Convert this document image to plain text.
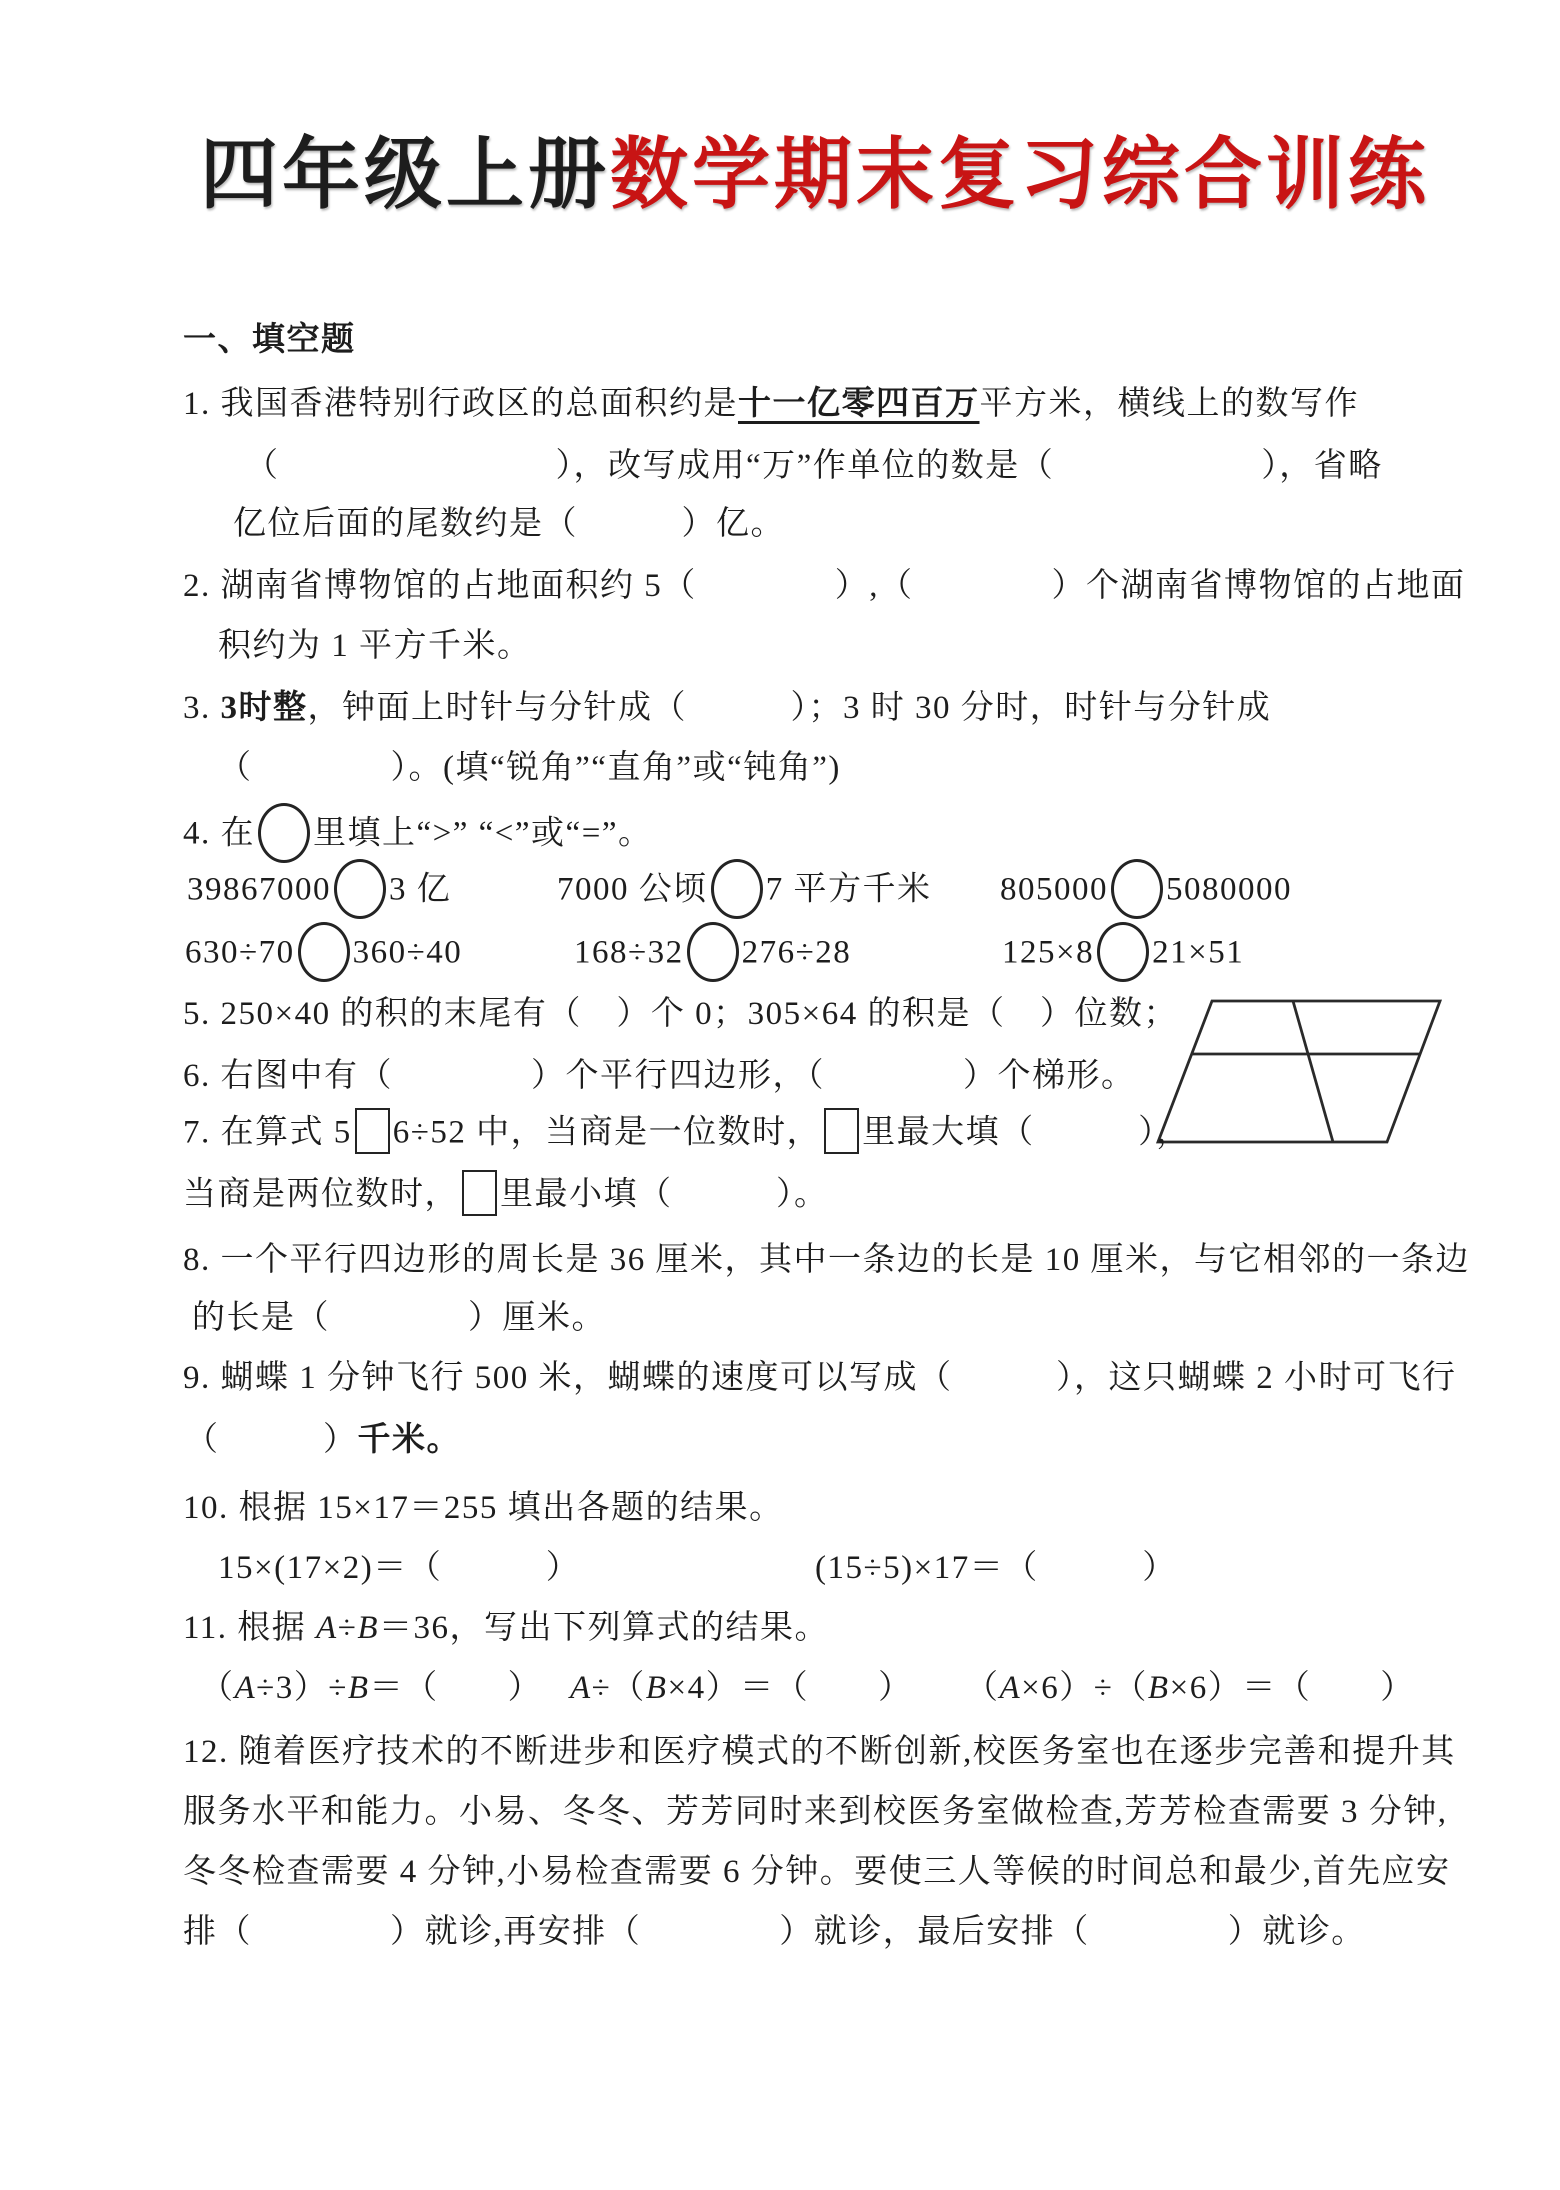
四年级上册数学期末复习综合训练
一、填空题
1. 我国香港特别行政区的总面积约是十一亿零四百万平方米，横线上的数写作
（　　　　　　　　），改写成用“万”作单位的数是（　　　　　　），省略
亿位后面的尾数约是（　　　）亿。
2. 湖南省博物馆的占地面积约 5（　　　　）,（　　　　）个湖南省博物馆的占地面
积约为 1 平方千米。
3. 3时整，钟面上时针与分针成（　　　）；3 时 30 分时，时针与分针成
（　　　　）。(填“锐角”“直角”或“钝角”)
4. 在 里填上“>” “<”或“=”。
39867000 3 亿	7000 公顷 7 平方千米 805000 5080000
630÷70 360÷40	168÷32 276÷28	125×8 21×51
5. 250×40 的积的末尾有（　）个 0；305×64 的积是（　）位数；
6. 右图中有（　　　　）个平行四边形，（　　　　）个梯形。
7. 在算式 5 6÷52 中，当商是一位数时， 里最大填（　　　），
当商是两位数时， 里最小填（　　　）。
8. 一个平行四边形的周长是 36 厘米，其中一条边的长是 10 厘米，与它相邻的一条边
的长是（　　　　）厘米。
9. 蝴蝶 1 分钟飞行 500 米，蝴蝶的速度可以写成（　　　），这只蝴蝶 2 小时可飞行
（　　　）千米。
10. 根据 15×17＝255 填出各题的结果。
15×(17×2)＝（　　　）	(15÷5)×17＝（　　　）
11. 根据 A÷B＝36，写出下列算式的结果。
（A÷3）÷B＝（　　） A÷（B×4）＝（　　） （A×6）÷（B×6）＝（　　）
12. 随着医疗技术的不断进步和医疗模式的不断创新,校医务室也在逐步完善和提升其
服务水平和能力。小易、冬冬、芳芳同时来到校医务室做检查,芳芳检查需要 3 分钟,
冬冬检查需要 4 分钟,小易检查需要 6 分钟。要使三人等候的时间总和最少,首先应安
排（　　　　）就诊,再安排（　　　　）就诊，最后安排（　　　　）就诊。
